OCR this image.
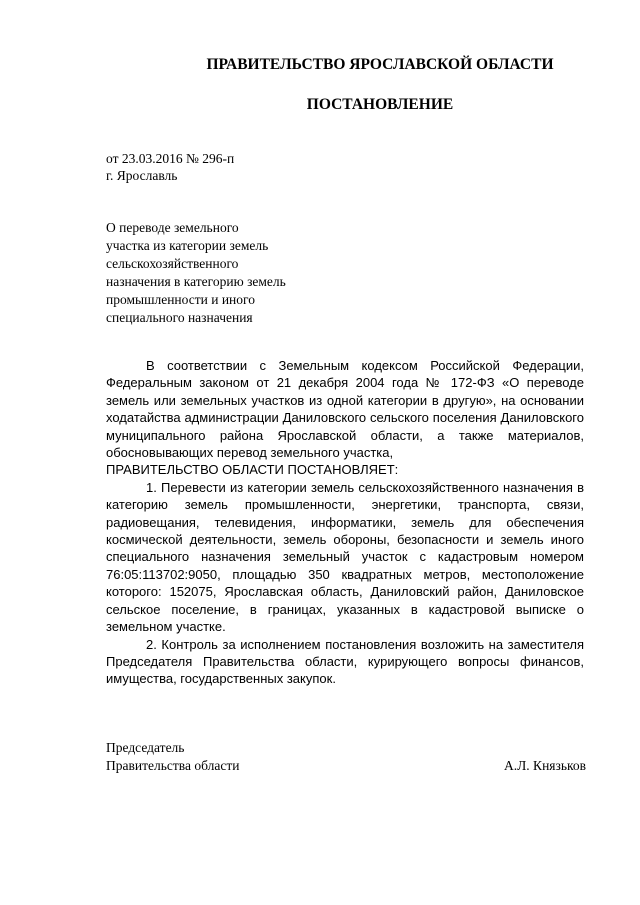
ПРАВИТЕЛЬСТВО ЯРОСЛАВСКОЙ ОБЛАСТИ
ПОСТАНОВЛЕНИЕ
от 23.03.2016 № 296-п
г. Ярославль
О переводе земельного
участка из категории земель
сельскохозяйственного
назначения в категорию земель
промышленности и иного
специального назначения

В соответствии с Земельным кодексом Российской Федерации, Федеральным законом от 21 декабря 2004 года № 172-ФЗ «О переводе земель или земельных участков из одной категории в другую», на основании ходатайства администрации Даниловского сельского поселения Даниловского муниципального района Ярославской области, а также материалов, обосновывающих перевод земельного участка,

ПРАВИТЕЛЬСТВО ОБЛАСТИ ПОСТАНОВЛЯЕТ:

1. Перевести из категории земель сельскохозяйственного назначения в категорию земель промышленности, энергетики, транспорта, связи, радиовещания, телевидения, информатики, земель для обеспечения космической деятельности, земель обороны, безопасности и земель иного специального назначения земельный участок с кадастровым номером 76:05:113702:9050, площадью 350 квадратных метров, местоположение которого: 152075, Ярославская область, Даниловский район, Даниловское сельское поселение, в границах, указанных в кадастровой выписке о земельном участке.

2. Контроль за исполнением постановления возложить на заместителя Председателя Правительства области, курирующего вопросы финансов, имущества, государственных закупок.

Председатель
Правительства области	А.Л. Князьков
